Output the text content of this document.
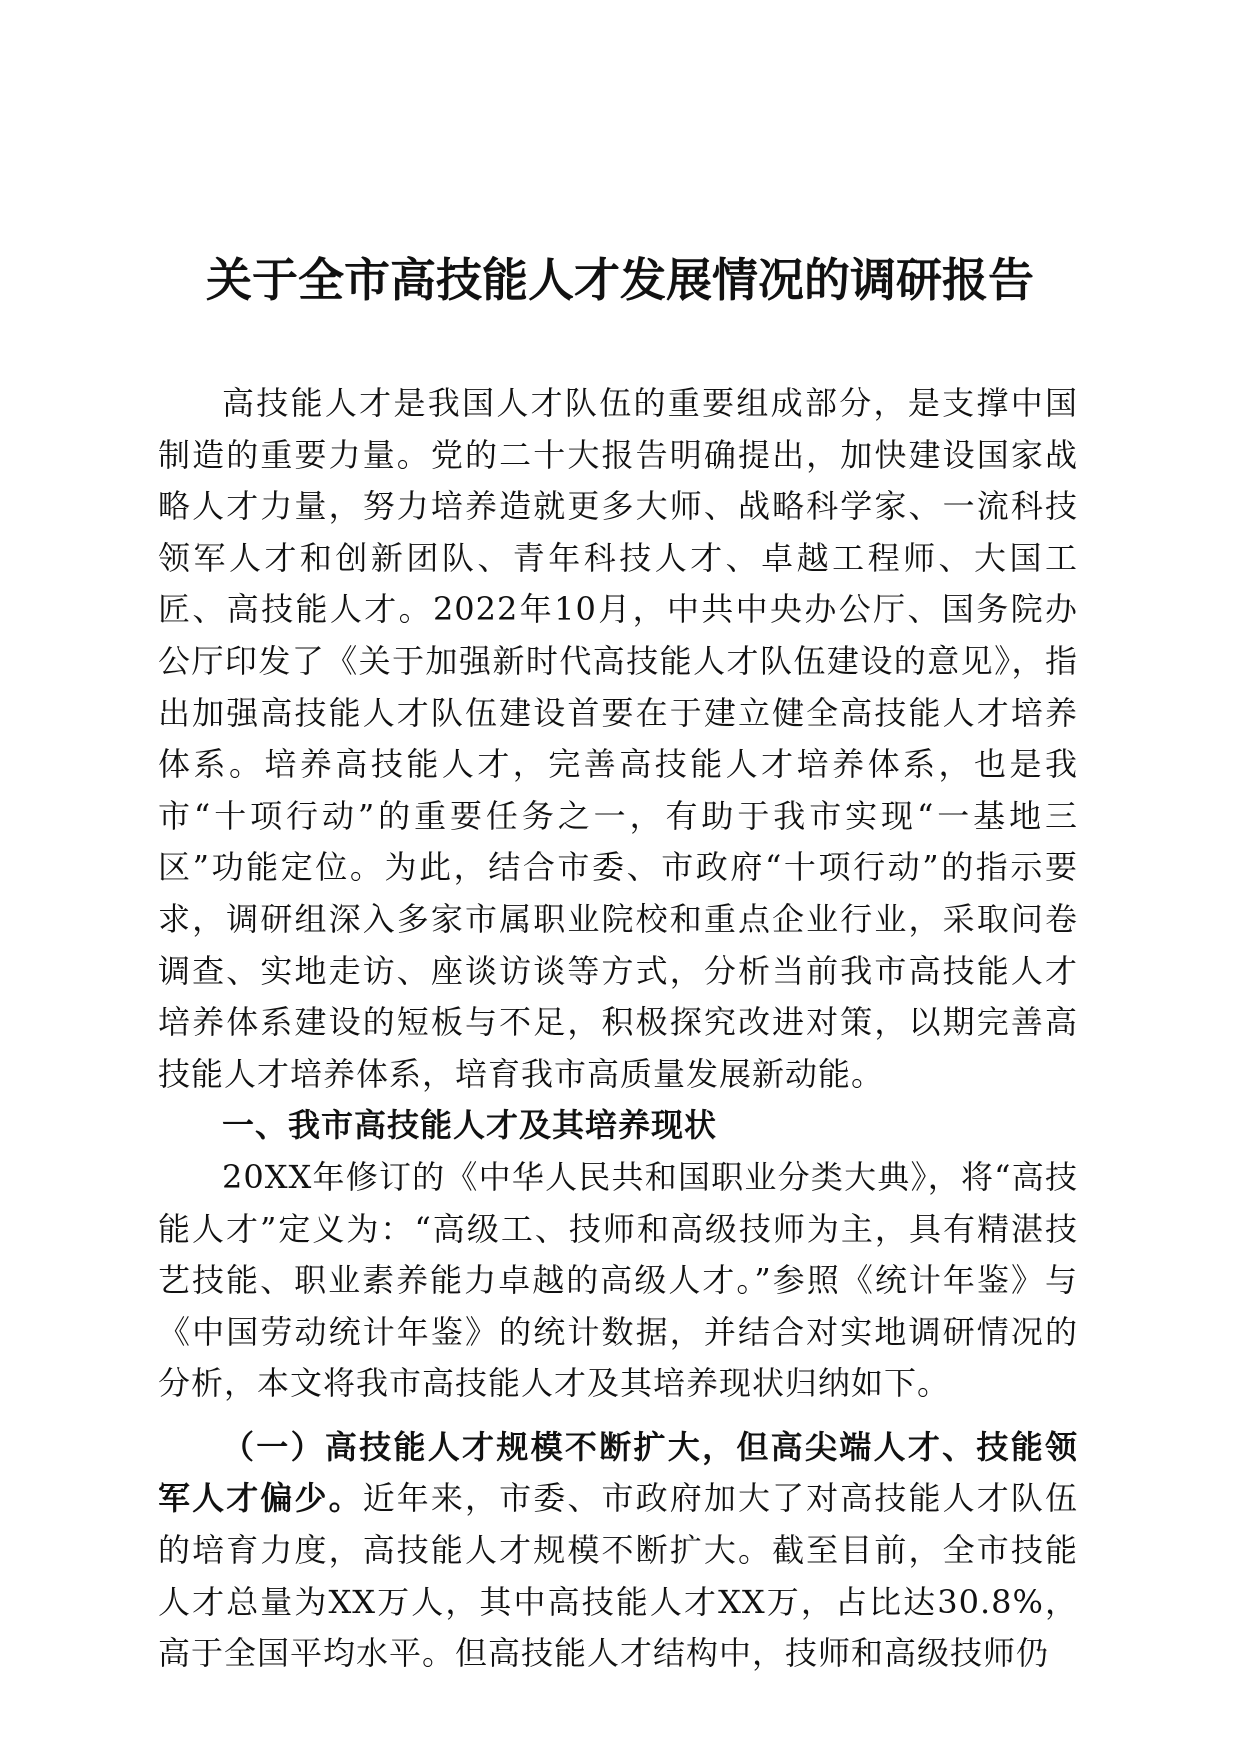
关于全市高技能人才发展情况的调研报告

高技能人才是我国人才队伍的重要组成部分，是支撑中国制造的重要力量。党的二十大报告明确提出，加快建设国家战略人才力量，努力培养造就更多大师、战略科学家、一流科技领军人才和创新团队、青年科技人才、卓越工程师、大国工匠、高技能人才。2022年10月，中共中央办公厅、国务院办公厅印发了《关于加强新时代高技能人才队伍建设的意见》，指出加强高技能人才队伍建设首要在于建立健全高技能人才培养体系。培养高技能人才，完善高技能人才培养体系，也是我市“十项行动”的重要任务之一，有助于我市实现“一基地三区”功能定位。为此，结合市委、市政府“十项行动”的指示要求，调研组深入多家市属职业院校和重点企业行业，采取问卷调查、实地走访、座谈访谈等方式，分析当前我市高技能人才培养体系建设的短板与不足，积极探究改进对策，以期完善高技能人才培养体系，培育我市高质量发展新动能。

一、我市高技能人才及其培养现状

20XX年修订的《中华人民共和国职业分类大典》，将“高技能人才”定义为：“高级工、技师和高级技师为主，具有精湛技艺技能、职业素养能力卓越的高级人才。”参照《统计年鉴》与《中国劳动统计年鉴》的统计数据，并结合对实地调研情况的分析，本文将我市高技能人才及其培养现状归纳如下。

（一）高技能人才规模不断扩大，但高尖端人才、技能领军人才偏少。近年来，市委、市政府加大了对高技能人才队伍的培育力度，高技能人才规模不断扩大。截至目前，全市技能人才总量为XX万人，其中高技能人才XX万，占比达30.8%，高于全国平均水平。但高技能人才结构中，技师和高级技师仍
